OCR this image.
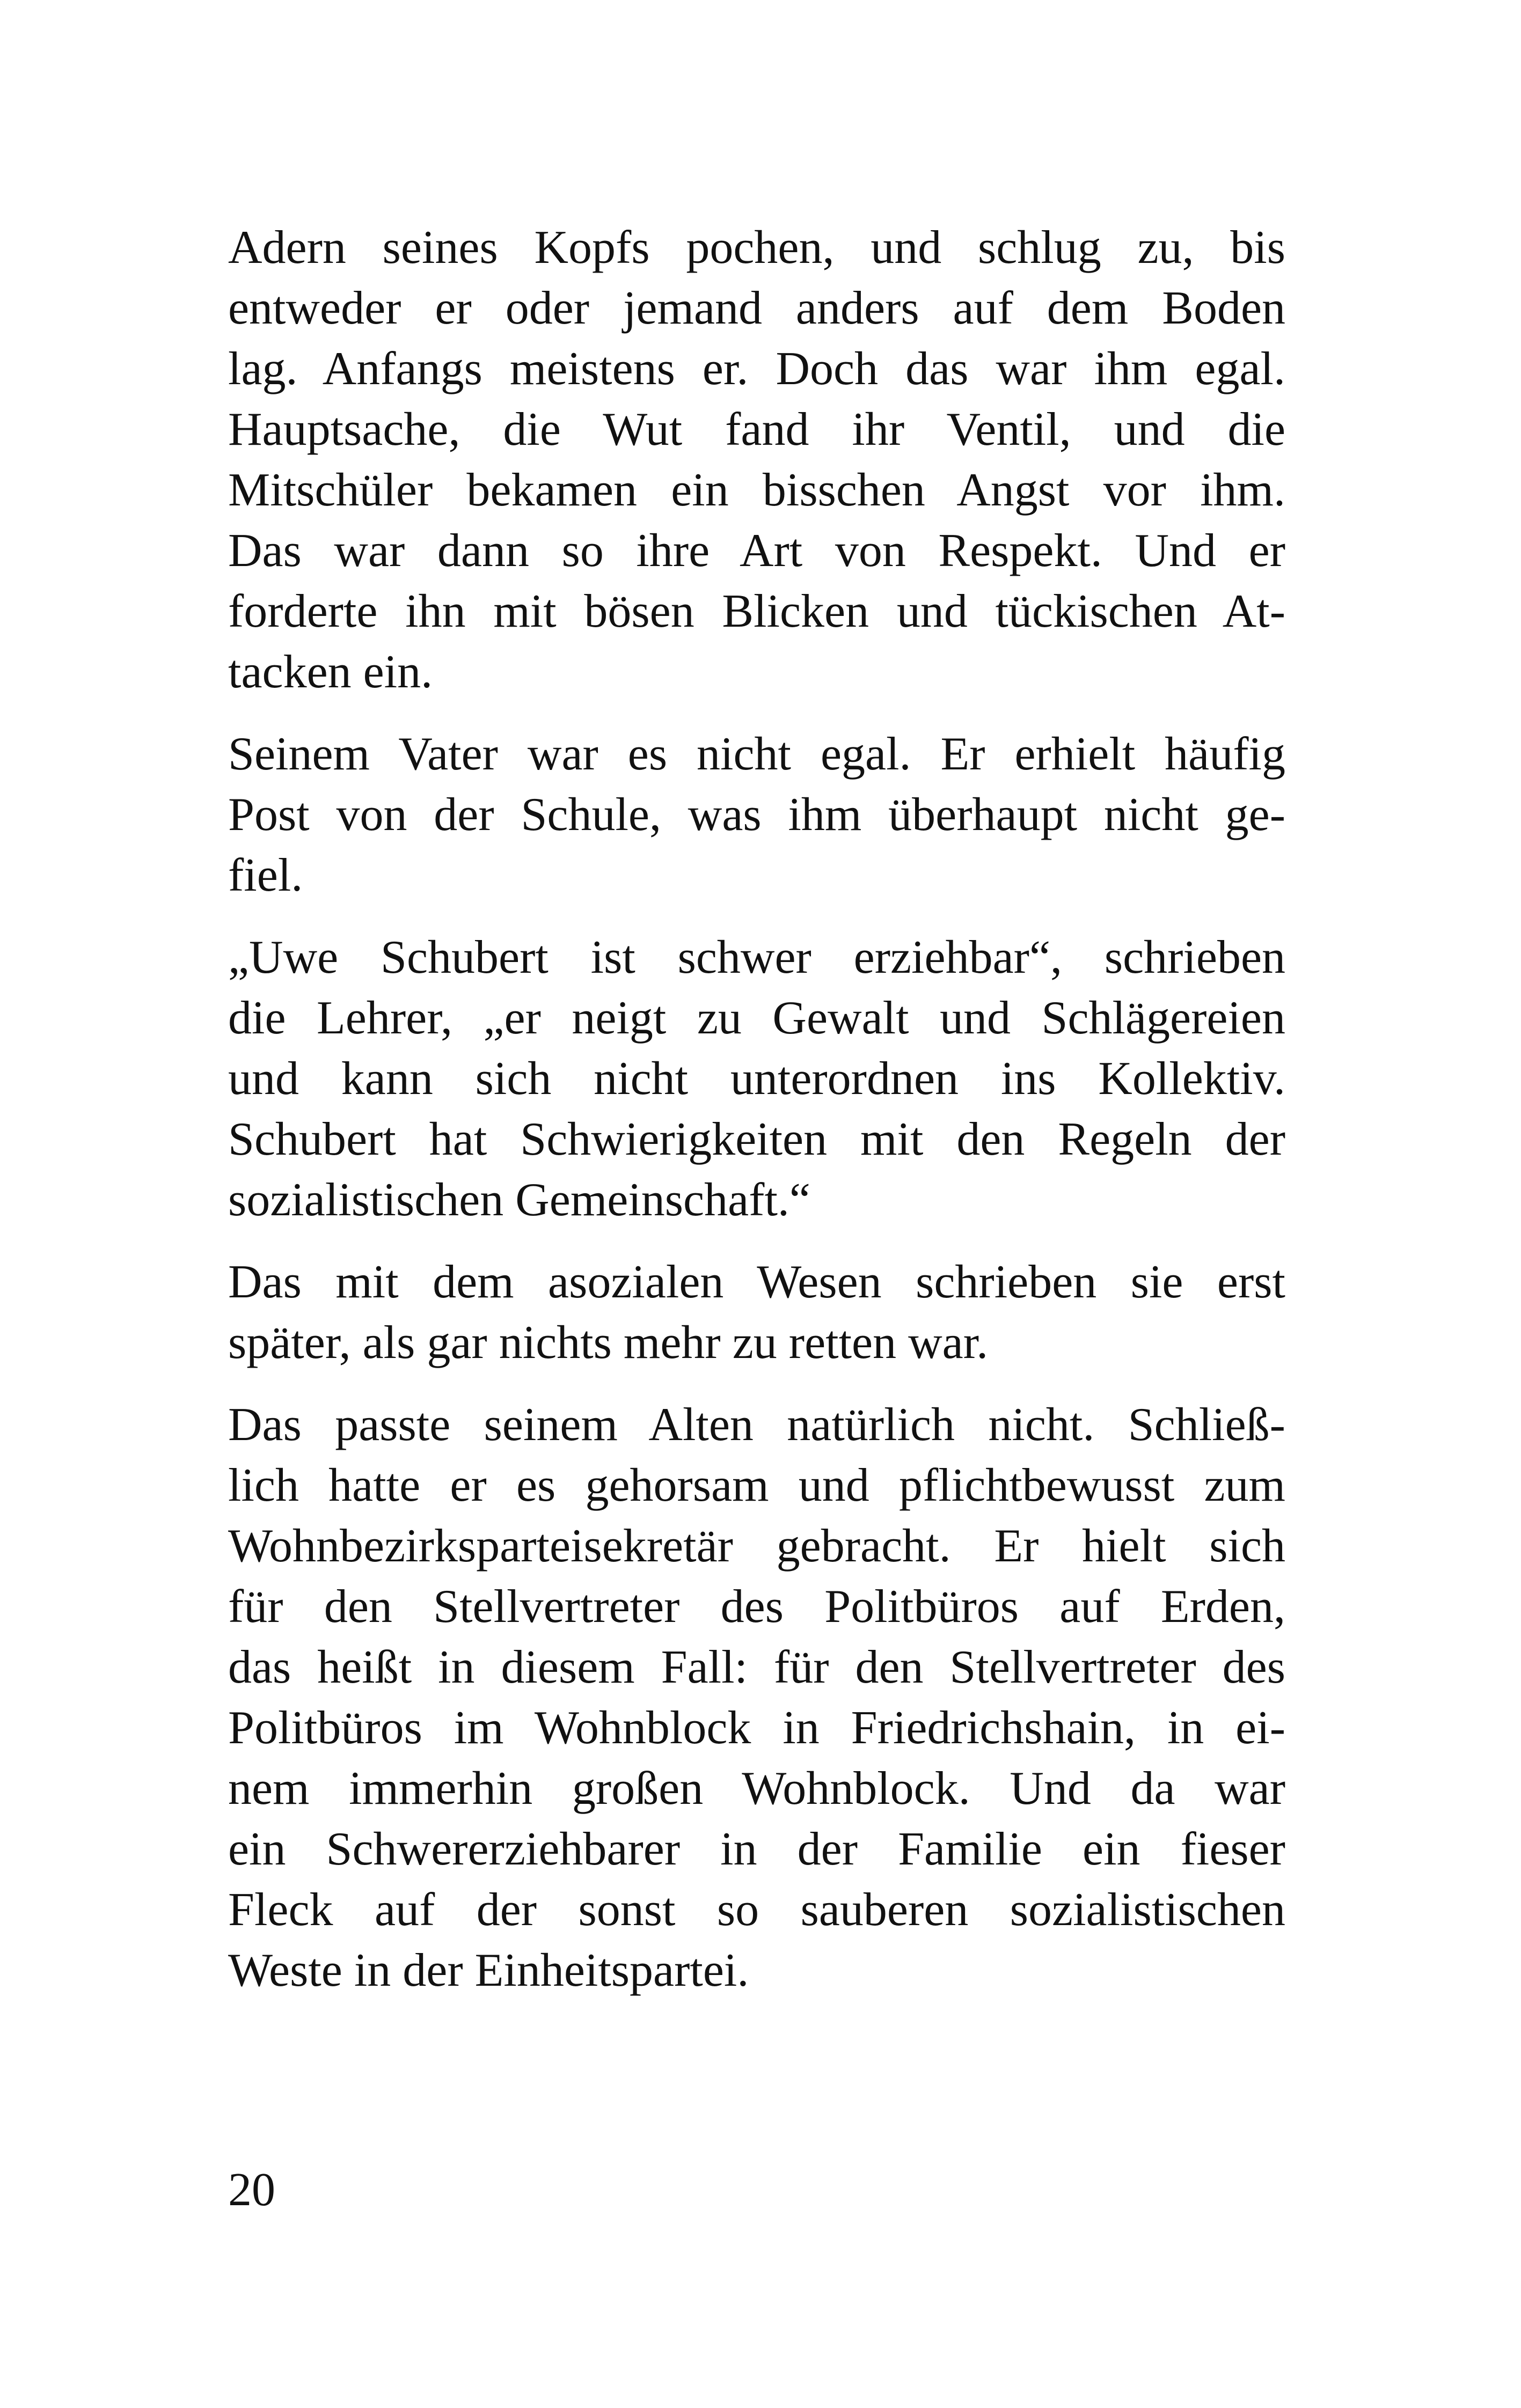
Adern seines Kopfs pochen, und schlug zu, bis
entweder er oder jemand anders auf dem Boden
lag. Anfangs meistens er. Doch das war ihm egal.
Hauptsache, die Wut fand ihr Ventil, und die
Mitschüler bekamen ein bisschen Angst vor ihm.
Das war dann so ihre Art von Respekt. Und er
forderte ihn mit bösen Blicken und tückischen At-
tacken ein.
Seinem Vater war es nicht egal. Er erhielt häufig
Post von der Schule, was ihm überhaupt nicht ge-
fiel.
„Uwe Schubert ist schwer erziehbar“, schrieben
die Lehrer, „er neigt zu Gewalt und Schlägereien
und kann sich nicht unterordnen ins Kollektiv.
Schubert hat Schwierigkeiten mit den Regeln der
sozialistischen Gemeinschaft.“
Das mit dem asozialen Wesen schrieben sie erst
später, als gar nichts mehr zu retten war.
Das passte seinem Alten natürlich nicht. Schließ-
lich hatte er es gehorsam und pflichtbewusst zum
Wohnbezirksparteisekretär gebracht. Er hielt sich
für den Stellvertreter des Politbüros auf Erden,
das heißt in diesem Fall: für den Stellvertreter des
Politbüros im Wohnblock in Friedrichshain, in ei-
nem immerhin großen Wohnblock. Und da war
ein Schwererziehbarer in der Familie ein fieser
Fleck auf der sonst so sauberen sozialistischen
Weste in der Einheitspartei.
20
